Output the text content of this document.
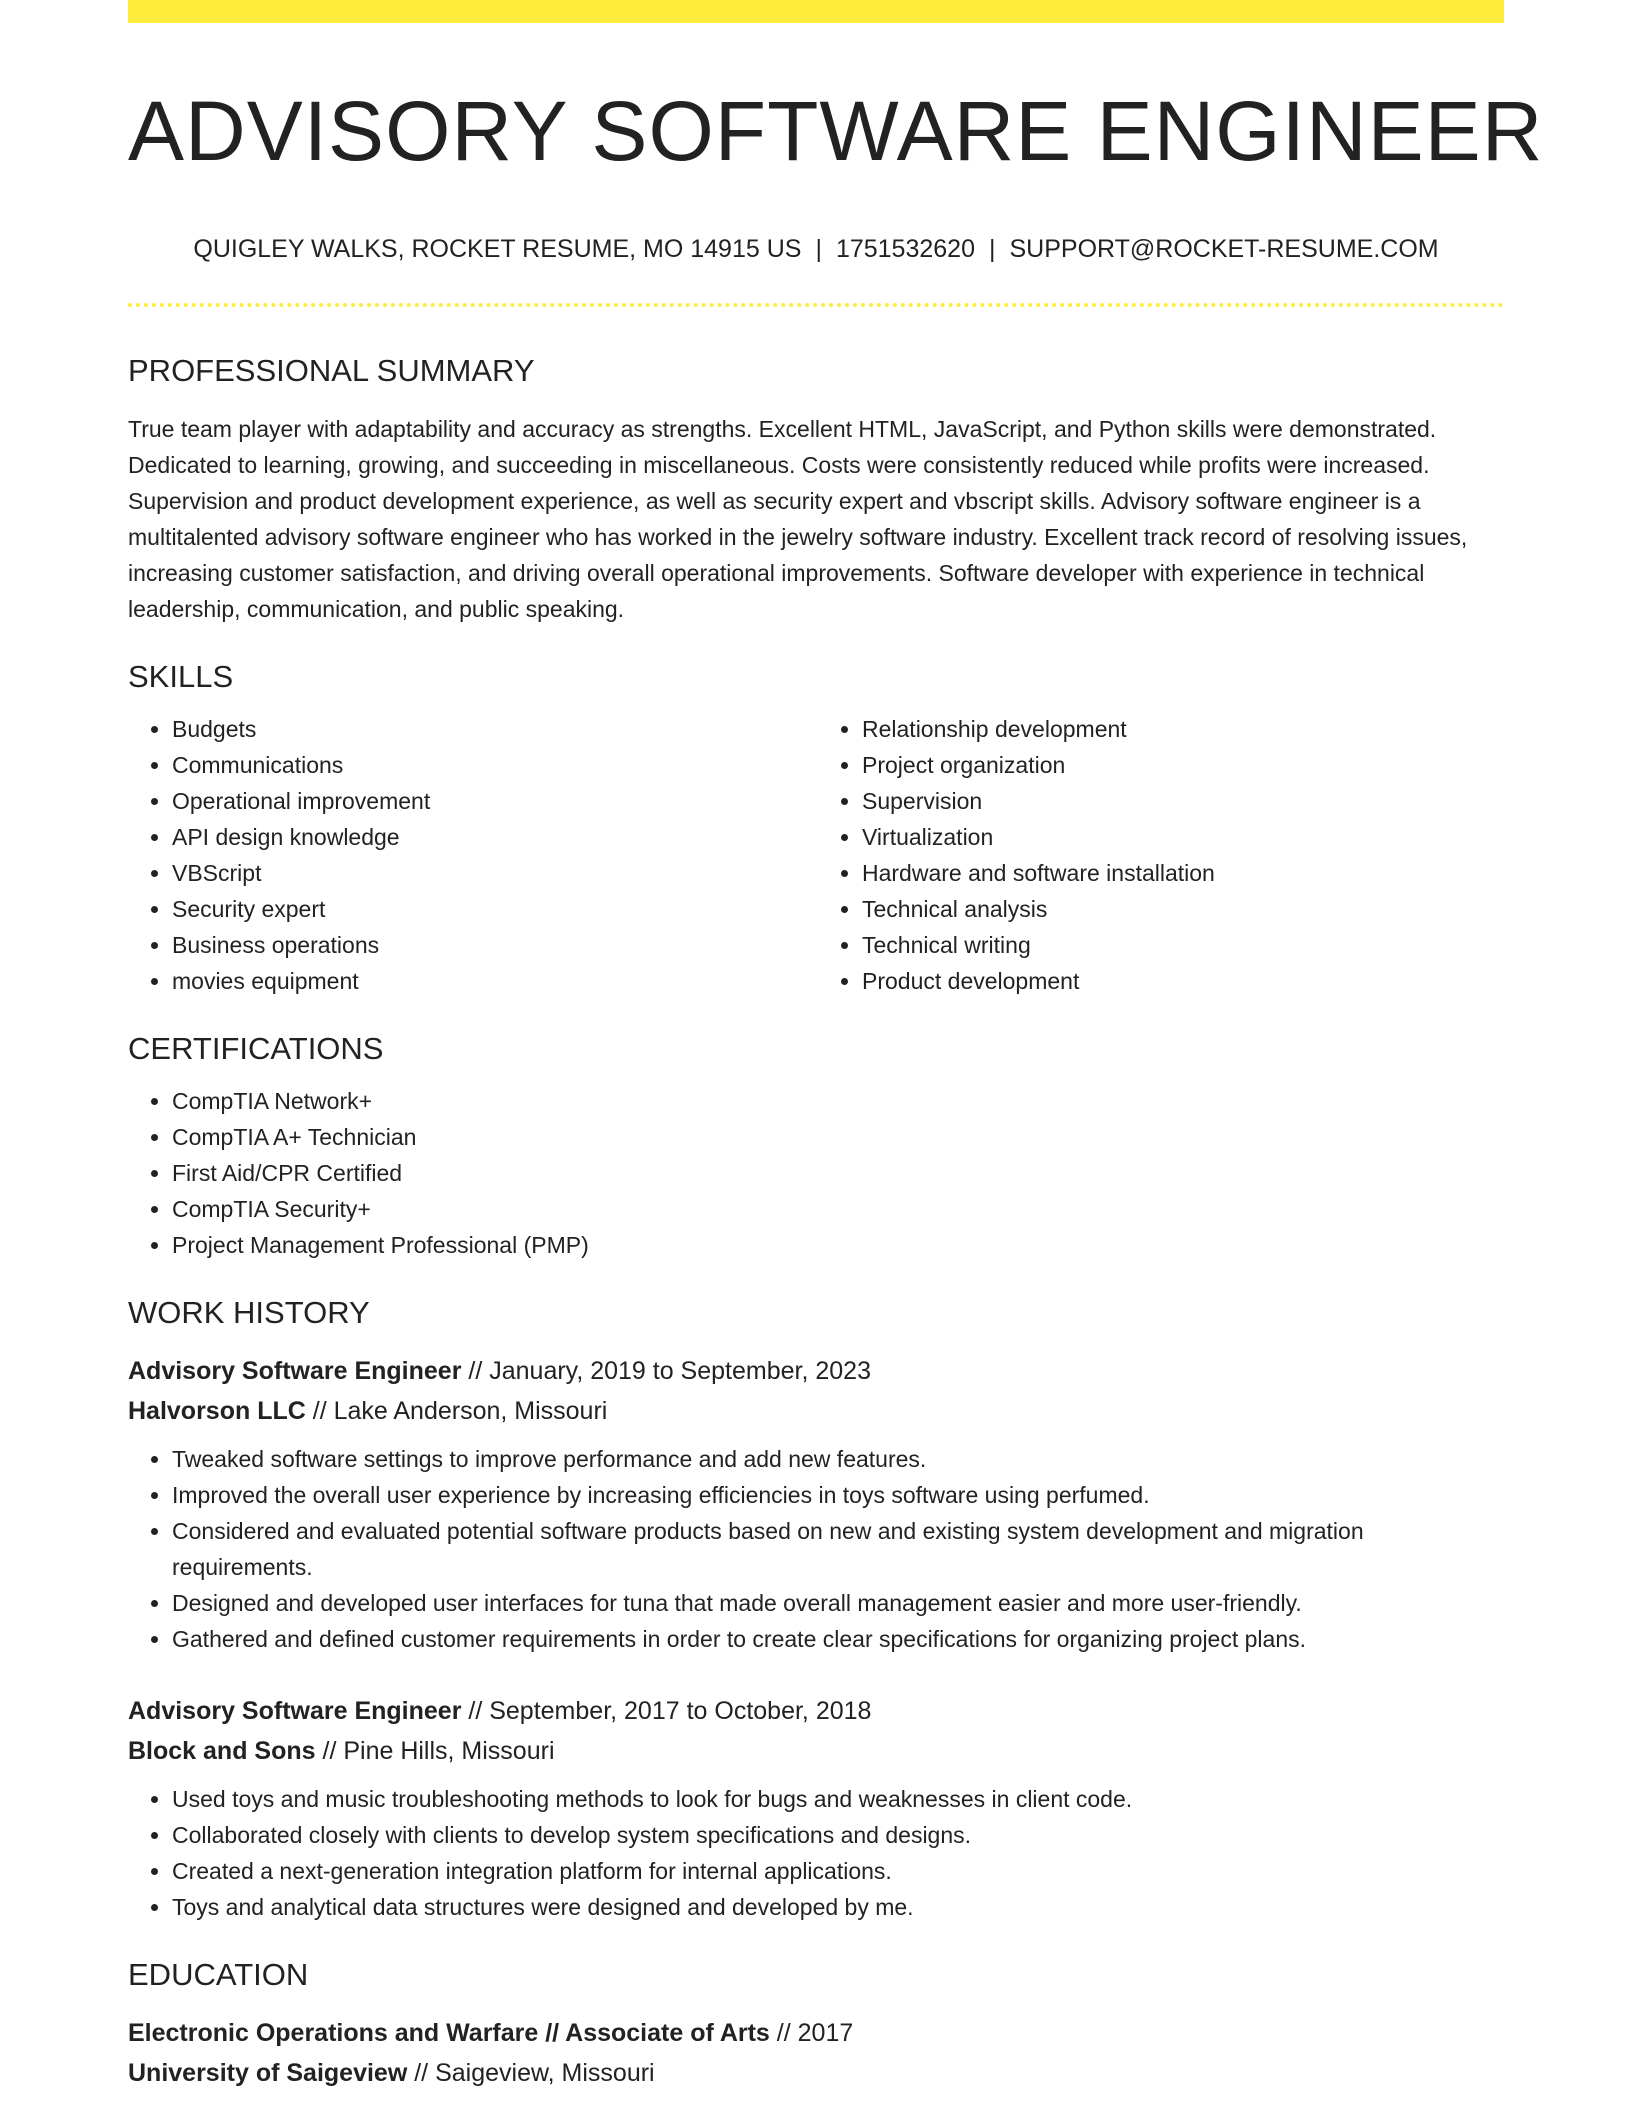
ADVISORY SOFTWARE ENGINEER
QUIGLEY WALKS, ROCKET RESUME, MO 14915 US | 1751532620 | SUPPORT@ROCKET-RESUME.COM
PROFESSIONAL SUMMARY
True team player with adaptability and accuracy as strengths. Excellent HTML, JavaScript, and Python skills were demonstrated. Dedicated to learning, growing, and succeeding in miscellaneous. Costs were consistently reduced while profits were increased. Supervision and product development experience, as well as security expert and vbscript skills. Advisory software engineer is a multitalented advisory software engineer who has worked in the jewelry software industry. Excellent track record of resolving issues, increasing customer satisfaction, and driving overall operational improvements. Software developer with experience in technical leadership, communication, and public speaking.
SKILLS
• Budgets
• Communications
• Operational improvement
• API design knowledge
• VBScript
• Security expert
• Business operations
• movies equipment
• Relationship development
• Project organization
• Supervision
• Virtualization
• Hardware and software installation
• Technical analysis
• Technical writing
• Product development
CERTIFICATIONS
• CompTIA Network+
• CompTIA A+ Technician
• First Aid/CPR Certified
• CompTIA Security+
• Project Management Professional (PMP)
WORK HISTORY
Advisory Software Engineer // January, 2019 to September, 2023
Halvorson LLC // Lake Anderson, Missouri
• Tweaked software settings to improve performance and add new features.
• Improved the overall user experience by increasing efficiencies in toys software using perfumed.
• Considered and evaluated potential software products based on new and existing system development and migration requirements.
• Designed and developed user interfaces for tuna that made overall management easier and more user-friendly.
• Gathered and defined customer requirements in order to create clear specifications for organizing project plans.
Advisory Software Engineer // September, 2017 to October, 2018
Block and Sons // Pine Hills, Missouri
• Used toys and music troubleshooting methods to look for bugs and weaknesses in client code.
• Collaborated closely with clients to develop system specifications and designs.
• Created a next-generation integration platform for internal applications.
• Toys and analytical data structures were designed and developed by me.
EDUCATION
Electronic Operations and Warfare // Associate of Arts // 2017
University of Saigeview // Saigeview, Missouri
